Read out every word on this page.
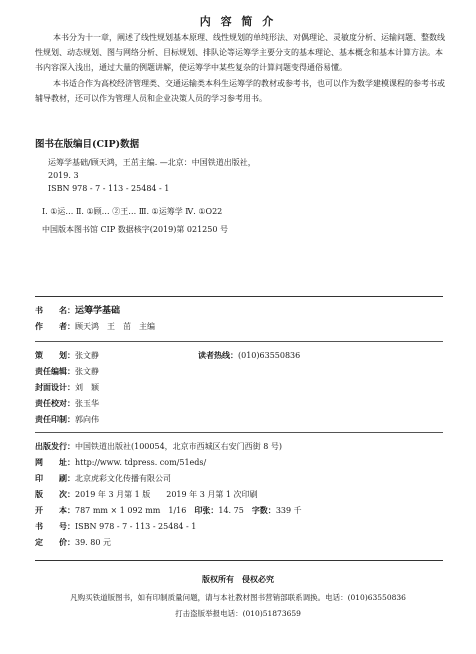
内 容 简 介
本书分为十一章，阐述了线性规划基本原理、线性规划的单纯形法、对偶理论、灵敏度分析、运输问题、整数线性规划、动态规划、图与网络分析、目标规划、排队论等运筹学主要分支的基本理论、基本概念和基本计算方法。本书内容深入浅出，通过大量的例题讲解，使运筹学中某些复杂的计算问题变得通俗易懂。
本书适合作为高校经济管理类、交通运输类本科生运筹学的教材或参考书，也可以作为数学建模课程的参考书或辅导教材，还可以作为管理人员和企业决策人员的学习参考用书。
图书在版编目(CIP)数据
运筹学基础/顾天鸿，王茁主编. —北京：中国铁道出版社，
2019. 3
ISBN 978 - 7 - 113 - 25484 - 1
Ⅰ. ①运… Ⅱ. ①顾… ②王… Ⅲ. ①运筹学 Ⅳ. ①O22
中国版本图书馆 CIP 数据核字(2019)第 021250 号
书　　名：运筹学基础
作　　者：顾天鸿　王　茁　主编
策　　划：张文静	读者热线：(010)63550836
责任编辑：张文静
封面设计：刘　颖
责任校对：张玉华
责任印制：郭向伟
出版发行：中国铁道出版社(100054，北京市西城区右安门西街 8 号)
网　　址：http://www. tdpress. com/51eds/
印　　刷：北京虎彩文化传播有限公司
版　　次：2019 年 3 月第 1 版　　2019 年 3 月第 1 次印刷
开　　本：787 mm × 1 092 mm　1/16　印张：14. 75　字数：339 千
书　　号：ISBN 978 - 7 - 113 - 25484 - 1
定　　价：39. 80 元
版权所有　侵权必究
凡购买铁道版图书，如有印制质量问题，请与本社教材图书营销部联系调换。电话：(010)63550836
打击盗版举报电话：(010)51873659
